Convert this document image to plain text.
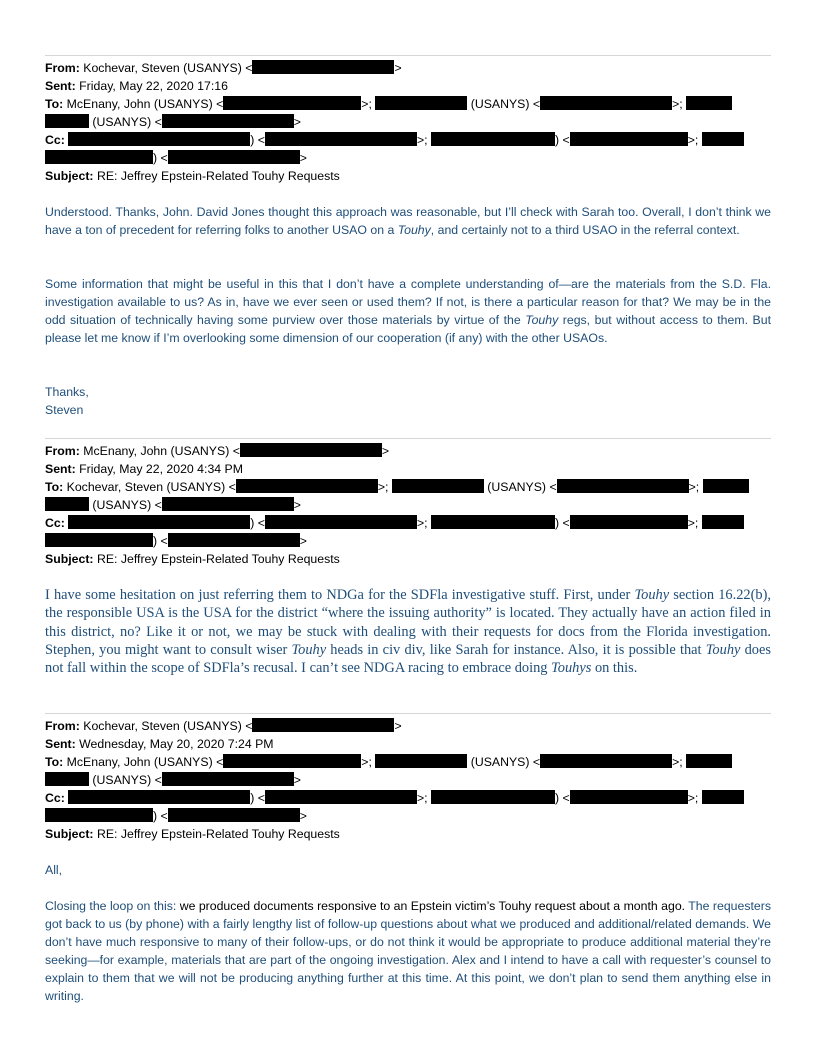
From: Kochevar, Steven (USANYS) <	>
Sent: Friday, May 22, 2020 17:16
To: McEnany, John (USANYS) <	>;	(USANYS) <	>;
(USANYS) <	>
Cc:	) <	>;	) <	>;
) <	>
Subject: RE: Jeffrey Epstein-Related Touhy Requests

Understood. Thanks, John. David Jones thought this approach was reasonable, but I’ll check with Sarah too. Overall, I don’t think we have a ton of precedent for referring folks to another USAO on a Touhy, and certainly not to a third USAO in the referral context.

Some information that might be useful in this that I don’t have a complete understanding of—are the materials from the S.D. Fla. investigation available to us? As in, have we ever seen or used them? If not, is there a particular reason for that? We may be in the odd situation of technically having some purview over those materials by virtue of the Touhy regs, but without access to them. But please let me know if I’m overlooking some dimension of our cooperation (if any) with the other USAOs.

Thanks,

Steven

From: McEnany, John (USANYS) <	>
Sent: Friday, May 22, 2020 4:34 PM
To: Kochevar, Steven (USANYS) <	>;	(USANYS) <	>;
(USANYS) <	>
Cc:	) <	>;	) <	>;
) <	>
Subject: RE: Jeffrey Epstein-Related Touhy Requests

I have some hesitation on just referring them to NDGa for the SDFla investigative stuff. First, under Touhy section 16.22(b), the responsible USA is the USA for the district “where the issuing authority” is located. They actually have an action filed in this district, no? Like it or not, we may be stuck with dealing with their requests for docs from the Florida investigation. Stephen, you might want to consult wiser Touhy heads in civ div, like Sarah for instance. Also, it is possible that Touhy does not fall within the scope of SDFla’s recusal. I can’t see NDGA racing to embrace doing Touhys on this.

From: Kochevar, Steven (USANYS) <	>
Sent: Wednesday, May 20, 2020 7:24 PM
To: McEnany, John (USANYS) <	>;	(USANYS) <	>;
(USANYS) <	>
Cc:	) <	>;	) <	>;
) <	>
Subject: RE: Jeffrey Epstein-Related Touhy Requests

All,

Closing the loop on this: we produced documents responsive to an Epstein victim’s Touhy request about a month ago. The requesters got back to us (by phone) with a fairly lengthy list of follow-up questions about what we produced and additional/related demands. We don’t have much responsive to many of their follow-ups, or do not think it would be appropriate to produce additional material they’re seeking—for example, materials that are part of the ongoing investigation. Alex and I intend to have a call with requester’s counsel to explain to them that we will not be producing anything further at this time. At this point, we don’t plan to send them anything else in writing.
